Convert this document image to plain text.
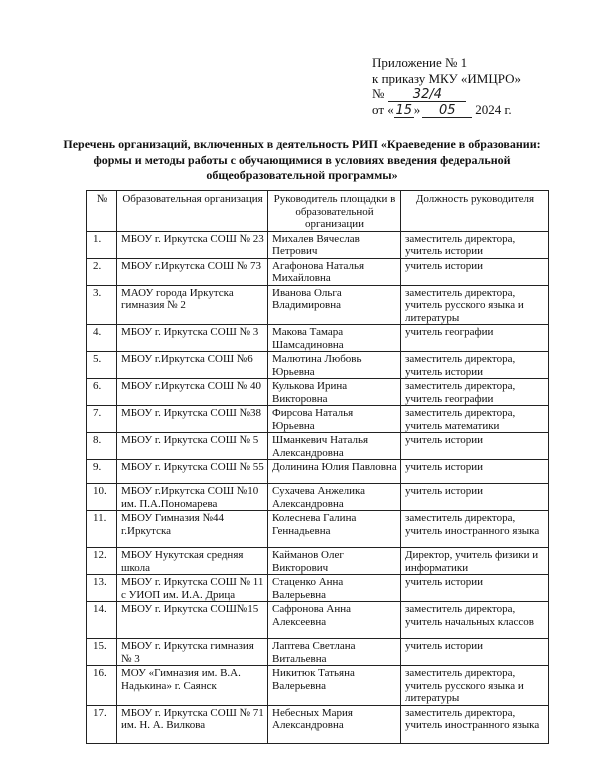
Приложение № 1
к приказу МКУ «ИМЦРО»
№ 32/4
от « 15 » 05 2024 г.
Перечень организаций, включенных в деятельность РИП «Краеведение в образовании: формы и методы работы с обучающимися в условиях введения федеральной общеобразовательной программы»
№	Образовательная организация	Руководитель площадки в образовательной организации	Должность руководителя
1.	МБОУ г. Иркутска СОШ № 23	Михалев Вячеслав Петрович	заместитель директора, учитель истории
2.	МБОУ г.Иркутска СОШ № 73	Агафонова Наталья Михайловна	учитель истории
3.	МАОУ города Иркутска гимназия № 2	Иванова Ольга Владимировна	заместитель директора, учитель русского языка и литературы
4.	МБОУ г. Иркутска СОШ № 3	Макова Тамара Шамсадиновна	учитель географии
5.	МБОУ г.Иркутска СОШ №6	Малютина Любовь Юрьевна	заместитель директора, учитель истории
6.	МБОУ г.Иркутска СОШ № 40	Кулькова Ирина Викторовна	заместитель директора, учитель географии
7.	МБОУ г. Иркутска СОШ №38	Фирсова Наталья Юрьевна	заместитель директора, учитель математики
8.	МБОУ г. Иркутска СОШ № 5	Шманкевич Наталья Александровна	учитель истории
9.	МБОУ г. Иркутска СОШ № 55	Долинина Юлия Павловна	учитель истории
10.	МБОУ г.Иркутска СОШ №10 им. П.А.Пономарева	Сухачева Анжелика Александровна	учитель истории
11.	МБОУ Гимназия №44 г.Иркутска	Колеснева Галина Геннадьевна	заместитель директора, учитель иностранного языка
12.	МБОУ Нукутская средняя школа	Кайманов Олег Викторович	Директор, учитель физики и информатики
13.	МБОУ г. Иркутска СОШ № 11 с УИОП им. И.А. Дрица	Стаценко Анна Валерьевна	учитель истории
14.	МБОУ г. Иркутска СОШ№15	Сафронова Анна Алексеевна	заместитель директора, учитель начальных классов
15.	МБОУ г. Иркутска гимназия № 3	Лаптева Светлана Витальевна	учитель истории
16.	МОУ «Гимназия им. В.А. Надькина» г. Саянск	Никитюк Татьяна Валерьевна	заместитель директора, учитель русского языка и литературы
17.	МБОУ г. Иркутска СОШ № 71 им. Н. А. Вилкова	Небесных Мария Александровна	заместитель директора, учитель иностранного языка
